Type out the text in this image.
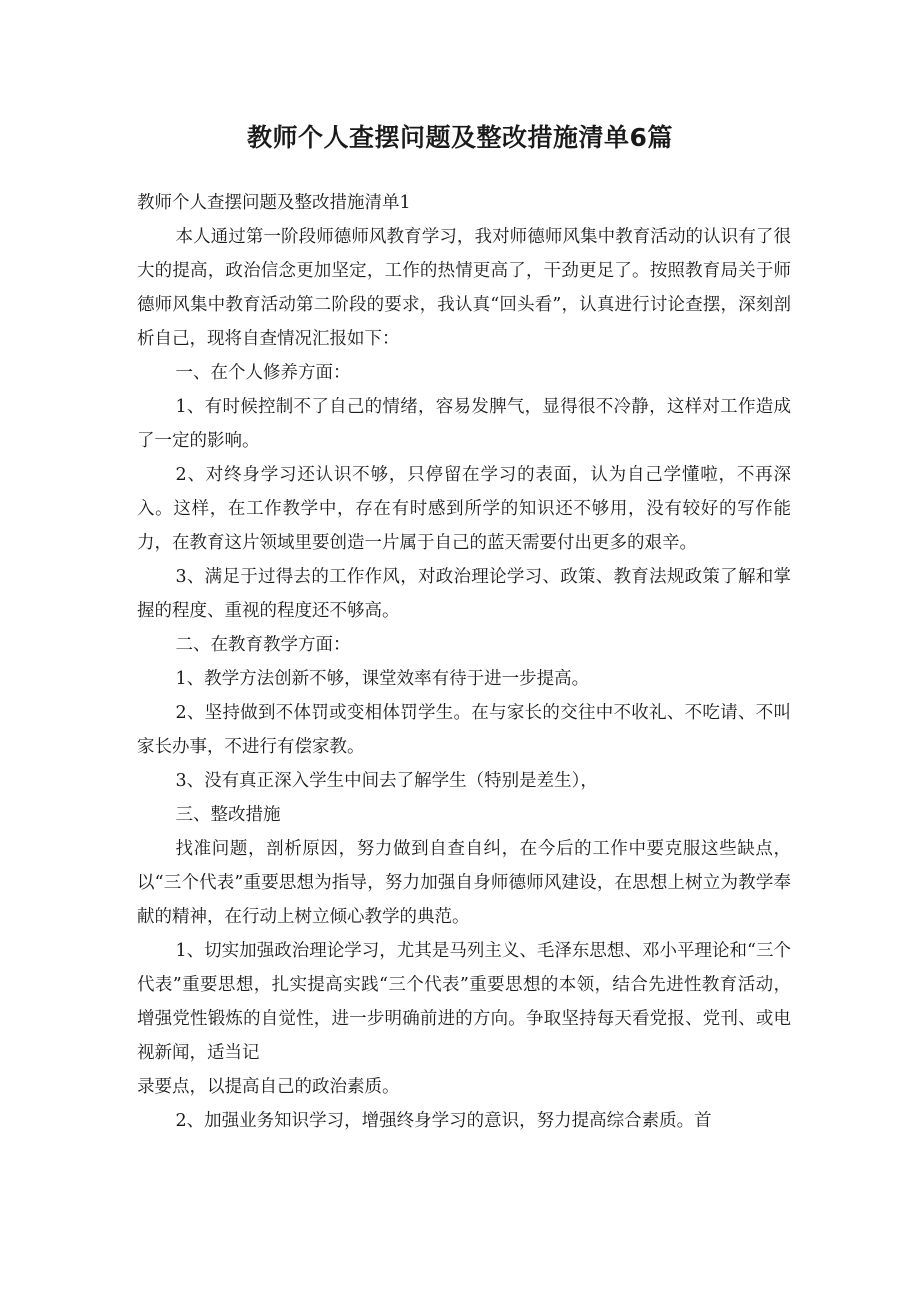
教师个人查摆问题及整改措施清单6篇

教师个人查摆问题及整改措施清单1

本人通过第一阶段师德师风教育学习，我对师德师风集中教育活动的认识有了很大的提高，政治信念更加坚定，工作的热情更高了，干劲更足了。按照教育局关于师德师风集中教育活动第二阶段的要求，我认真“回头看”，认真进行讨论查摆，深刻剖析自己，现将自查情况汇报如下：

一、在个人修养方面：

1、有时候控制不了自己的情绪，容易发脾气，显得很不冷静，这样对工作造成了一定的影响。

2、对终身学习还认识不够，只停留在学习的表面，认为自己学懂啦，不再深入。这样，在工作教学中，存在有时感到所学的知识还不够用，没有较好的写作能力，在教育这片领域里要创造一片属于自己的蓝天需要付出更多的艰辛。

3、满足于过得去的工作作风，对政治理论学习、政策、教育法规政策了解和掌握的程度、重视的程度还不够高。

二、在教育教学方面：

1、教学方法创新不够，课堂效率有待于进一步提高。

2、坚持做到不体罚或变相体罚学生。在与家长的交往中不收礼、不吃请、不叫家长办事，不进行有偿家教。

3、没有真正深入学生中间去了解学生（特别是差生），

三、整改措施

找准问题，剖析原因，努力做到自查自纠，在今后的工作中要克服这些缺点，以“三个代表”重要思想为指导，努力加强自身师德师风建设，在思想上树立为教学奉献的精神，在行动上树立倾心教学的典范。

1、切实加强政治理论学习，尤其是马列主义、毛泽东思想、邓小平理论和“三个代表”重要思想，扎实提高实践“三个代表”重要思想的本领，结合先进性教育活动，增强党性锻炼的自觉性，进一步明确前进的方向。争取坚持每天看党报、党刊、或电视新闻，适当记

录要点，以提高自己的政治素质。

2、加强业务知识学习，增强终身学习的意识，努力提高综合素质。首
